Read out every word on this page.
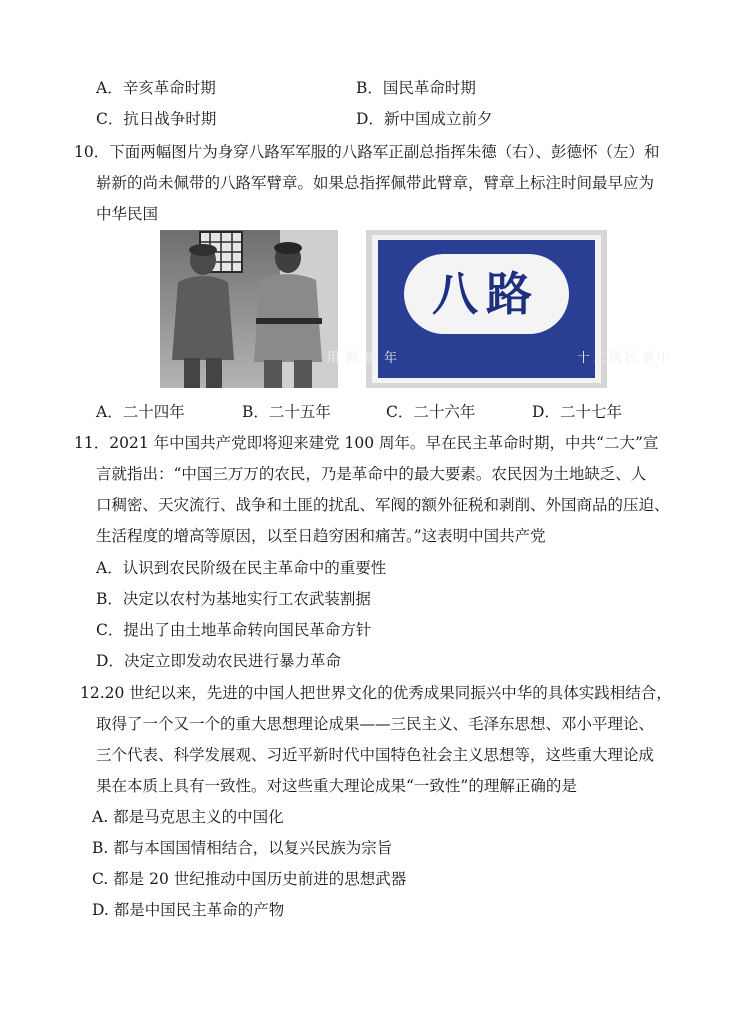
A．辛亥革命时期	B．国民革命时期
C．抗日战争时期	D．新中国成立前夕
10．下面两幅图片为身穿八路军军服的八路军正副总指挥朱德（右）、彭德怀（左）和
崭新的尚未佩带的八路军臂章。如果总指挥佩带此臂章，臂章上标注时间最早应为
中华民国
八路
中華民國二十
年 度 佩 用
A．二十四年	B．二十五年	C．二十六年	D．二十七年
11．2021 年中国共产党即将迎来建党 100 周年。早在民主革命时期，中共“二大”宣
言就指出：“中国三万万的农民，乃是革命中的最大要素。农民因为土地缺乏、人
口稠密、天灾流行、战争和土匪的扰乱、军阀的额外征税和剥削、外国商品的压迫、
生活程度的增高等原因，以至日趋穷困和痛苦。”这表明中国共产党
A．认识到农民阶级在民主革命中的重要性
B．决定以农村为基地实行工农武装割据
C．提出了由土地革命转向国民革命方针
D．决定立即发动农民进行暴力革命
12.20 世纪以来，先进的中国人把世界文化的优秀成果同振兴中华的具体实践相结合，
取得了一个又一个的重大思想理论成果——三民主义、毛泽东思想、邓小平理论、
三个代表、科学发展观、习近平新时代中国特色社会主义思想等，这些重大理论成
果在本质上具有一致性。对这些重大理论成果“一致性”的理解正确的是
A. 都是马克思主义的中国化
B. 都与本国国情相结合，以复兴民族为宗旨
C. 都是 20 世纪推动中国历史前进的思想武器
D. 都是中国民主革命的产物
